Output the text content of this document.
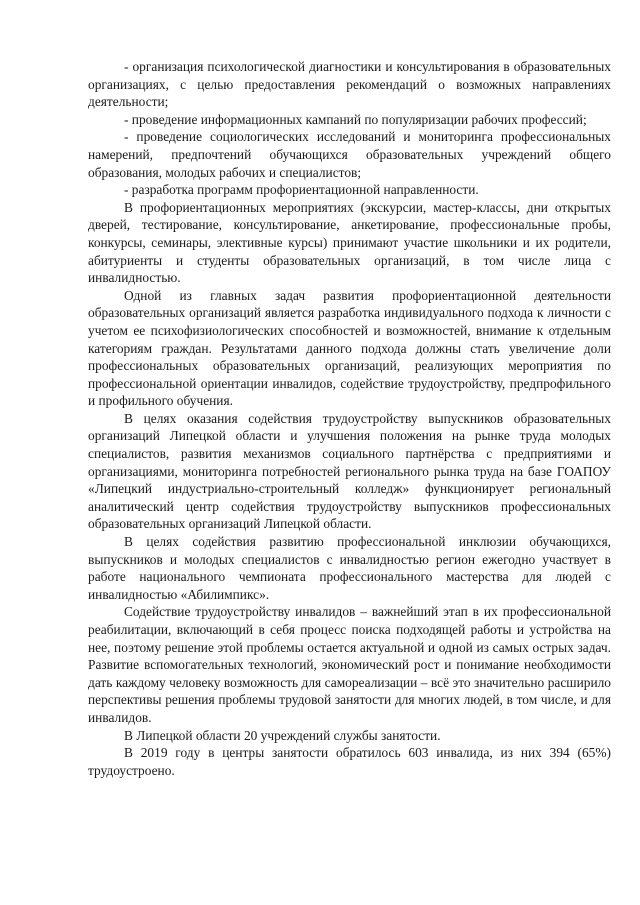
- организация психологической диагностики и консультирования в образовательных организациях, с целью предоставления рекомендаций о возможных направлениях деятельности;

- проведение информационных кампаний по популяризации рабочих профессий;

- проведение социологических исследований и мониторинга профессиональных намерений, предпочтений обучающихся образовательных учреждений общего образования, молодых рабочих и специалистов;

- разработка программ профориентационной направленности.

В профориентационных мероприятиях (экскурсии, мастер-классы, дни открытых дверей, тестирование, консультирование, анкетирование, профессиональные пробы, конкурсы, семинары, элективные курсы) принимают участие школьники и их родители, абитуриенты и студенты образовательных организаций, в том числе лица с инвалидностью.

Одной из главных задач развития профориентационной деятельности образовательных организаций является разработка индивидуального подхода к личности с учетом ее психофизиологических способностей и возможностей, внимание к отдельным категориям граждан. Результатами данного подхода должны стать увеличение доли профессиональных образовательных организаций, реализующих мероприятия по профессиональной ориентации инвалидов, содействие трудоустройству, предпрофильного и профильного обучения.

В целях оказания содействия трудоустройству выпускников образовательных организаций Липецкой области и улучшения положения на рынке труда молодых специалистов, развития механизмов социального партнёрства с предприятиями и организациями, мониторинга потребностей регионального рынка труда на базе ГОАПОУ «Липецкий индустриально-строительный колледж» функционирует региональный аналитический центр содействия трудоустройству выпускников профессиональных образовательных организаций Липецкой области.

В целях содействия развитию профессиональной инклюзии обучающихся, выпускников и молодых специалистов с инвалидностью регион ежегодно участвует в работе национального чемпионата профессионального мастерства для людей с инвалидностью «Абилимпикс».

Содействие трудоустройству инвалидов – важнейший этап в их профессиональной реабилитации, включающий в себя процесс поиска подходящей работы и устройства на нее, поэтому решение этой проблемы остается актуальной и одной из самых острых задач. Развитие вспомогательных технологий, экономический рост и понимание необходимости дать каждому человеку возможность для самореализации – всё это значительно расширило перспективы решения проблемы трудовой занятости для многих людей, в том числе, и для инвалидов.

В Липецкой области 20 учреждений службы занятости.

В 2019 году в центры занятости обратилось 603 инвалида, из них 394 (65%) трудоустроено.
